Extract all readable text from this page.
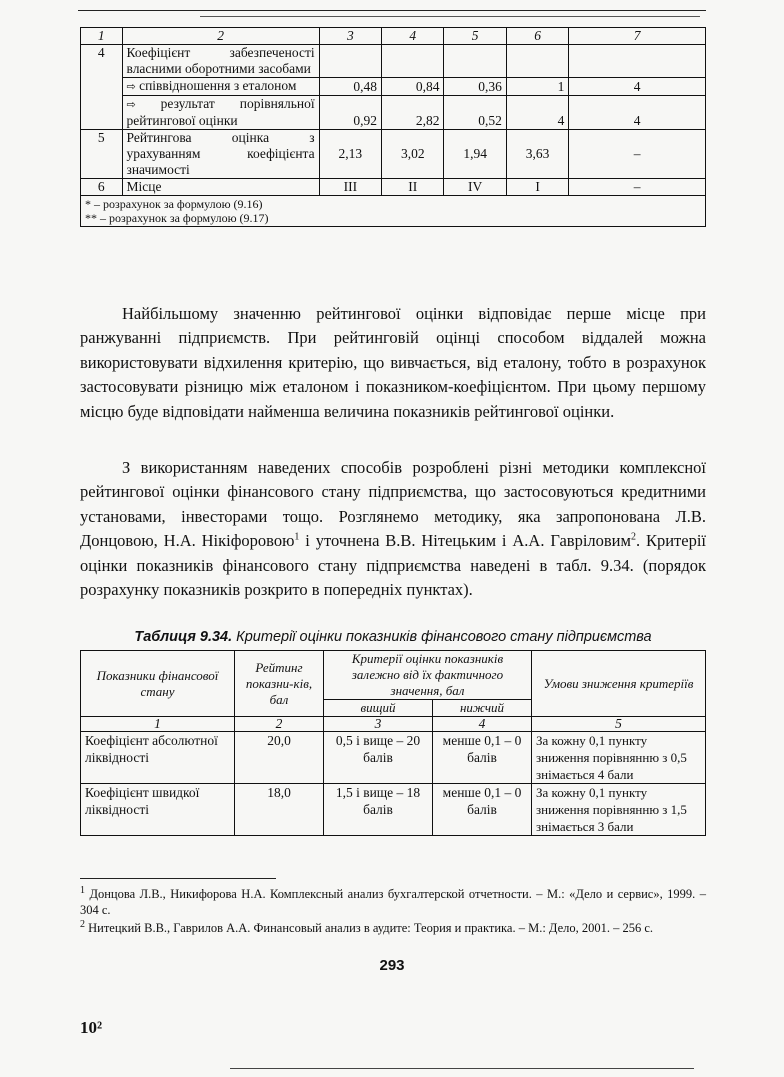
1	2	3	4	5	6	7
4	Коефіцієнт забезпеченості власними оборотними засобами					
	⇨ співвідношення з еталоном	0,48	0,84	0,36	1	4
	⇨ результат порівняльної рейтингової оцінки	0,92	2,82	0,52	4	4
5	Рейтингова оцінка з урахуванням коефіцієнта значимості	2,13	3,02	1,94	3,63	–
6	Місце	III	II	IV	I	–

* – розрахунок за формулою (9.16)
** – розрахунок за формулою (9.17)						

Найбільшому значенню рейтингової оцінки відповідає перше місце при ранжуванні підприємств. При рейтинговій оцінці способом віддалей можна використовувати відхилення критерію, що вивчається, від еталону, тобто в розрахунок застосовувати різницю між еталоном і показником-коефіцієнтом. При цьому першому місцю буде відповідати найменша величина показників рейтингової оцінки.

З використанням наведених способів розроблені різні методики комплексної рейтингової оцінки фінансового стану підприємства, що застосовуються кредитними установами, інвесторами тощо. Розглянемо методику, яка запропонована Л.В. Донцовою, Н.А. Нікіфоровою$^1$ і уточнена В.В. Нітецьким і А.А. Гавріловим$^2$. Критерії оцінки показників фінансового стану підприємства наведені в табл. 9.34. (порядок розрахунку показників розкрито в попередніх пунктах).

Таблиця 9.34. Критерії оцінки показників фінансового стану підприємства

Показники фінансової стану	Рейтинг показни-ків, бал	Критерії оцінки показників залежно від їх фактичного значення, бал		Умови зниження критеріїв
		вищий	нижчий	
1	2	3	4	5
Коефіцієнт абсолютної ліквідності	20,0	0,5 і вище – 20 балів	менше 0,1 – 0 балів	За кожну 0,1 пункту зниження порівнянню з 0,5 знімається 4 бали
Коефіцієнт швидкої ліквідності	18,0	1,5 і вище – 18 балів	менше 0,1 – 0 балів	За кожну 0,1 пункту зниження порівнянню з 1,5 знімається 3 бали

$^1$ Донцова Л.В., Никифорова Н.А. Комплексный анализ бухгалтерской отчетности. – М.: «Дело и сервис», 1999. – 304 с.

$^2$ Нитецкий В.В., Гаврилов А.А. Финансовый анализ в аудите: Теория и практика. – М.: Дело, 2001. – 256 с.

293
10²
